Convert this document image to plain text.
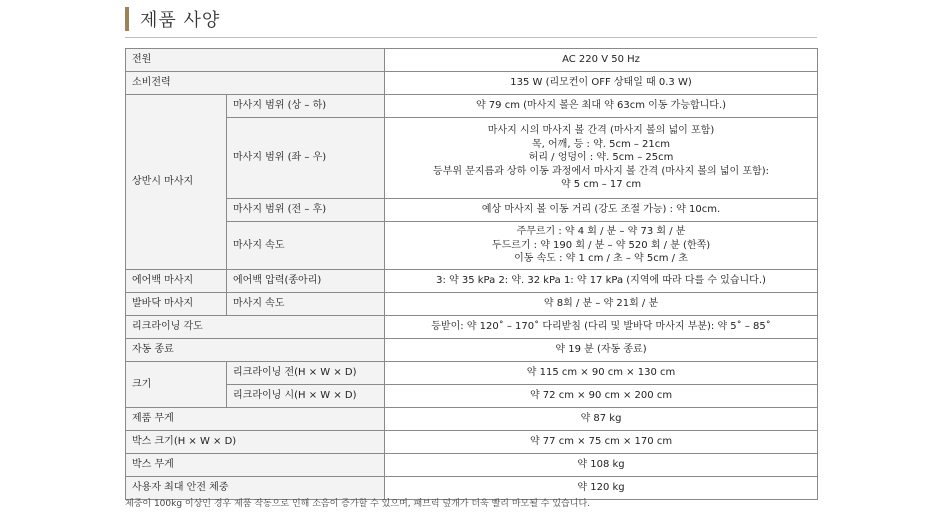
제품 사양
전원		AC 220 V 50 Hz
소비전력		135 W (리모컨이 OFF 상태일 때 0.3 W)
상반시 마사지	마사지 범위 (상 – 하)	약 79 cm (마사지 볼은 최대 약 63cm 이동 가능합니다.)
	마사지 범위 (좌 – 우)	마사지 시의 마사지 볼 간격 (마사지 볼의 넓이 포함)
목, 어깨, 등 : 약. 5cm – 21cm
허리 / 엉덩이 : 약. 5cm – 25cm
등부위 문지름과 상하 이동 과정에서 마사지 볼 간격 (마사지 볼의 넓이 포함):
약 5 cm – 17 cm

	마사지 범위 (전 – 후)	예상 마사지 볼 이동 거리 (강도 조절 가능) : 약 10cm.
	마사지 속도	주무르기 : 약 4 회 / 분 – 약 73 회 / 분
두드르기 : 약 190 회 / 분 – 약 520 회 / 분 (한쪽)
이동 속도 : 약 1 cm / 초 – 약 5cm / 초

에어백 마사지	에어백 압력(종아리)	3: 약 35 kPa 2: 약. 32 kPa 1: 약 17 kPa (지역에 따라 다를 수 있습니다.)
발바닥 마사지	마사지 속도	약 8회 / 분 – 약 21회 / 분
리크라이닝 각도		등받이: 약 120˚ – 170˚ 다리받침 (다리 및 발바닥 마사지 부분): 약 5˚ – 85˚
자동 종료		약 19 분 (자동 종료)
크기	리크라이닝 전(H × W × D)	약 115 cm × 90 cm × 130 cm
	리크라이닝 시(H × W × D)	약 72 cm × 90 cm × 200 cm
제품 무게		약 87 kg
박스 크기(H × W × D)		약 77 cm × 75 cm × 170 cm
박스 무게		약 108 kg
사용자 최대 안전 체중		약 120 kg
체중이 100kg 이상인 경우 제품 작동으로 인해 소음이 증가할 수 있으며, 패브릭 덮개가 더욱 빨리 마모될 수 있습니다.
